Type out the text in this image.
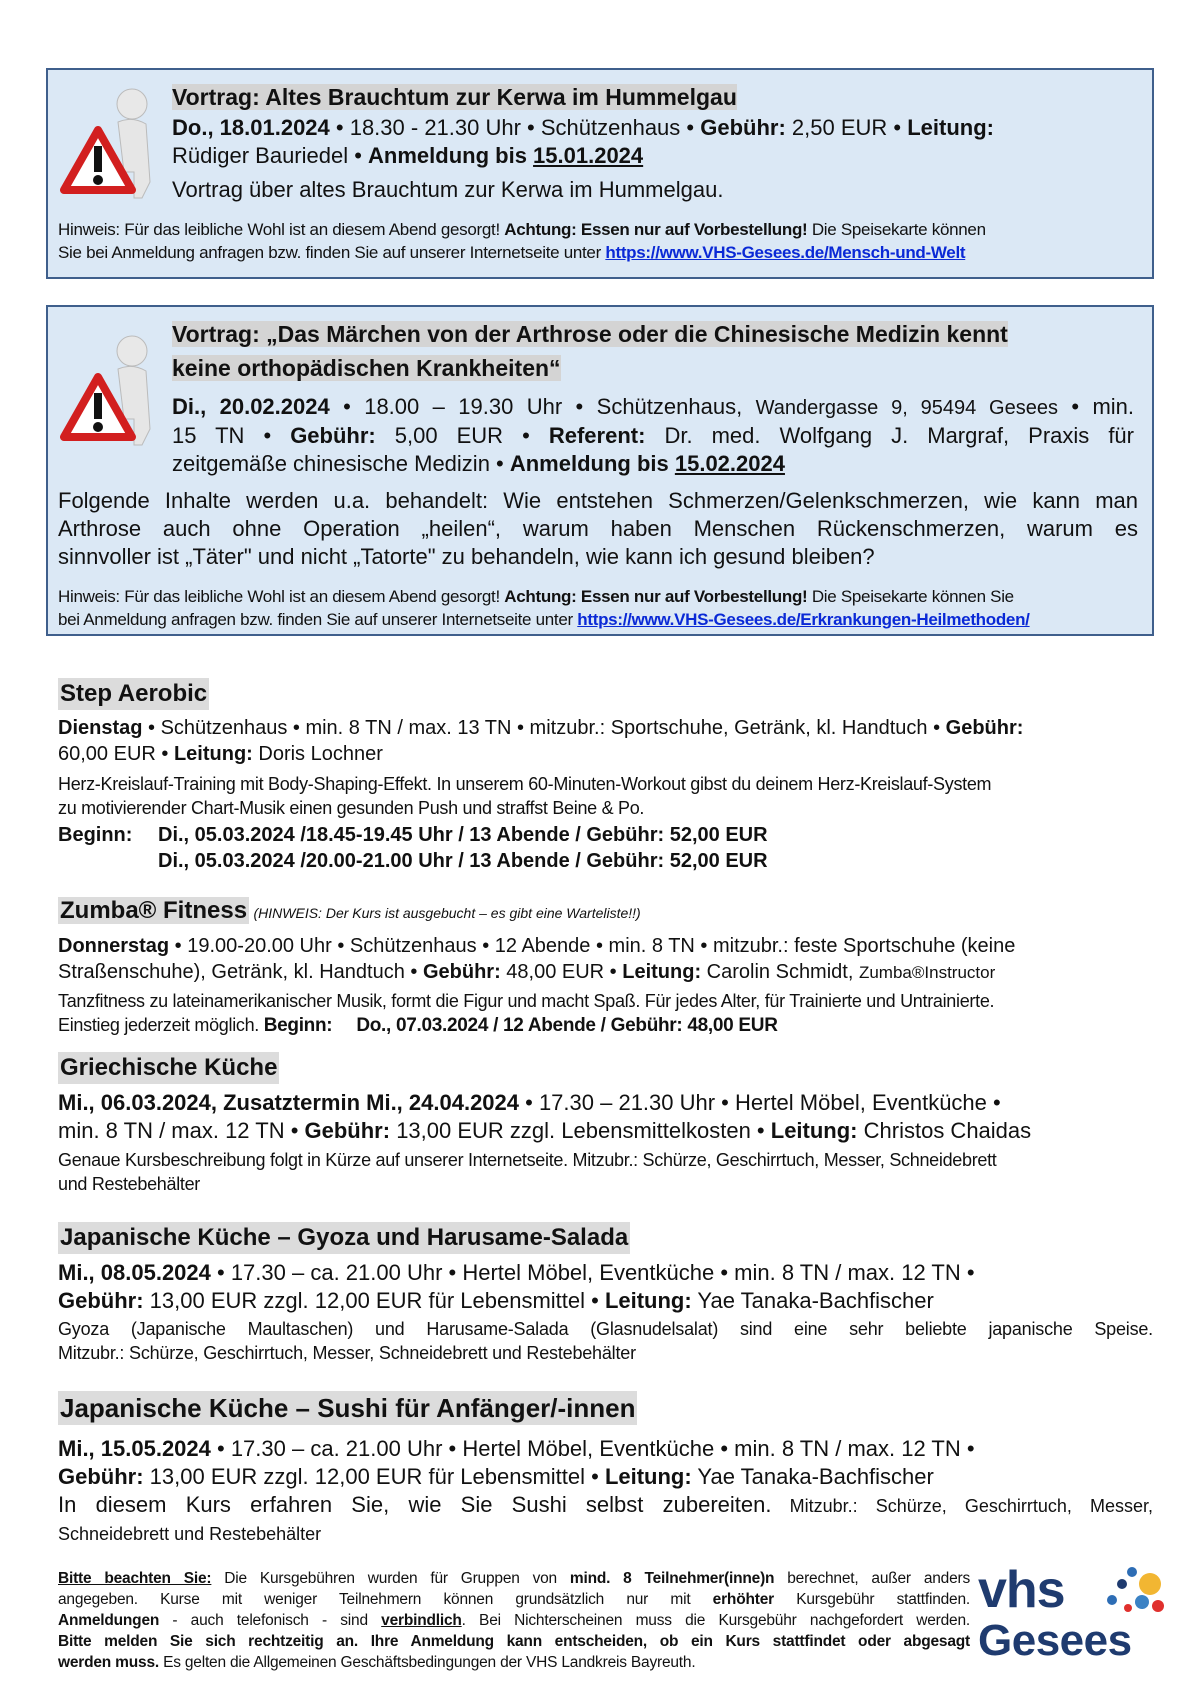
Vortrag: Altes Brauchtum zur Kerwa im Hummelgau
Do., 18.01.2024 • 18.30 - 21.30 Uhr • Schützenhaus • Gebühr: 2,50 EUR • Leitung:
Rüdiger Bauriedel • Anmeldung bis 15.01.2024
Vortrag über altes Brauchtum zur Kerwa im Hummelgau.
Hinweis: Für das leibliche Wohl ist an diesem Abend gesorgt! Achtung: Essen nur auf Vorbestellung! Die Speisekarte können
Sie bei Anmeldung anfragen bzw. finden Sie auf unserer Internetseite unter https://www.VHS-Gesees.de/Mensch-und-Welt
Vortrag: „Das Märchen von der Arthrose oder die Chinesische Medizin kennt
keine orthopädischen Krankheiten“
Di., 20.02.2024 • 18.00 – 19.30 Uhr • Schützenhaus, Wandergasse 9, 95494 Gesees • min.
15 TN • Gebühr: 5,00 EUR • Referent: Dr. med. Wolfgang J. Margraf, Praxis für
zeitgemäße chinesische Medizin • Anmeldung bis 15.02.2024
Folgende Inhalte werden u.a. behandelt: Wie entstehen Schmerzen/Gelenkschmerzen, wie kann man
Arthrose auch ohne Operation „heilen“, warum haben Menschen Rückenschmerzen, warum es
sinnvoller ist „Täter" und nicht „Tatorte" zu behandeln, wie kann ich gesund bleiben?
Hinweis: Für das leibliche Wohl ist an diesem Abend gesorgt! Achtung: Essen nur auf Vorbestellung! Die Speisekarte können Sie
bei Anmeldung anfragen bzw. finden Sie auf unserer Internetseite unter https://www.VHS-Gesees.de/Erkrankungen-Heilmethoden/
Step Aerobic
Dienstag • Schützenhaus • min. 8 TN / max. 13 TN • mitzubr.: Sportschuhe, Getränk, kl. Handtuch • Gebühr:
60,00 EUR • Leitung: Doris Lochner
Herz-Kreislauf-Training mit Body-Shaping-Effekt. In unserem 60-Minuten-Workout gibst du deinem Herz-Kreislauf-System
zu motivierender Chart-Musik einen gesunden Push und straffst Beine & Po.
Beginn: Di., 05.03.2024 /18.45-19.45 Uhr / 13 Abende / Gebühr: 52,00 EUR
Di., 05.03.2024 /20.00-21.00 Uhr / 13 Abende / Gebühr: 52,00 EUR
Zumba® Fitness (HINWEIS: Der Kurs ist ausgebucht – es gibt eine Warteliste!!)
Donnerstag • 19.00-20.00 Uhr • Schützenhaus • 12 Abende • min. 8 TN • mitzubr.: feste Sportschuhe (keine
Straßenschuhe), Getränk, kl. Handtuch • Gebühr: 48,00 EUR • Leitung: Carolin Schmidt, Zumba®Instructor
Tanzfitness zu lateinamerikanischer Musik, formt die Figur und macht Spaß. Für jedes Alter, für Trainierte und Untrainierte.
Einstieg jederzeit möglich. Beginn: Do., 07.03.2024 / 12 Abende / Gebühr: 48,00 EUR
Griechische Küche
Mi., 06.03.2024, Zusatztermin Mi., 24.04.2024 • 17.30 – 21.30 Uhr • Hertel Möbel, Eventküche •
min. 8 TN / max. 12 TN • Gebühr: 13,00 EUR zzgl. Lebensmittelkosten • Leitung: Christos Chaidas
Genaue Kursbeschreibung folgt in Kürze auf unserer Internetseite. Mitzubr.: Schürze, Geschirrtuch, Messer, Schneidebrett
und Restebehälter
Japanische Küche – Gyoza und Harusame-Salada
Mi., 08.05.2024 • 17.30 – ca. 21.00 Uhr • Hertel Möbel, Eventküche • min. 8 TN / max. 12 TN •
Gebühr: 13,00 EUR zzgl. 12,00 EUR für Lebensmittel • Leitung: Yae Tanaka-Bachfischer
Gyoza (Japanische Maultaschen) und Harusame-Salada (Glasnudelsalat) sind eine sehr beliebte japanische Speise.
Mitzubr.: Schürze, Geschirrtuch, Messer, Schneidebrett und Restebehälter
Japanische Küche – Sushi für Anfänger/-innen
Mi., 15.05.2024 • 17.30 – ca. 21.00 Uhr • Hertel Möbel, Eventküche • min. 8 TN / max. 12 TN •
Gebühr: 13,00 EUR zzgl. 12,00 EUR für Lebensmittel • Leitung: Yae Tanaka-Bachfischer
In diesem Kurs erfahren Sie, wie Sie Sushi selbst zubereiten. Mitzubr.: Schürze, Geschirrtuch, Messer,
Schneidebrett und Restebehälter
Bitte beachten Sie: Die Kursgebühren wurden für Gruppen von mind. 8 Teilnehmer(inne)n berechnet, außer anders
angegeben. Kurse mit weniger Teilnehmern können grundsätzlich nur mit erhöhter Kursgebühr stattfinden.
Anmeldungen - auch telefonisch - sind verbindlich. Bei Nichterscheinen muss die Kursgebühr nachgefordert werden.
Bitte melden Sie sich rechtzeitig an. Ihre Anmeldung kann entscheiden, ob ein Kurs stattfindet oder abgesagt
werden muss. Es gelten die Allgemeinen Geschäftsbedingungen der VHS Landkreis Bayreuth.
vhs
Gesees
